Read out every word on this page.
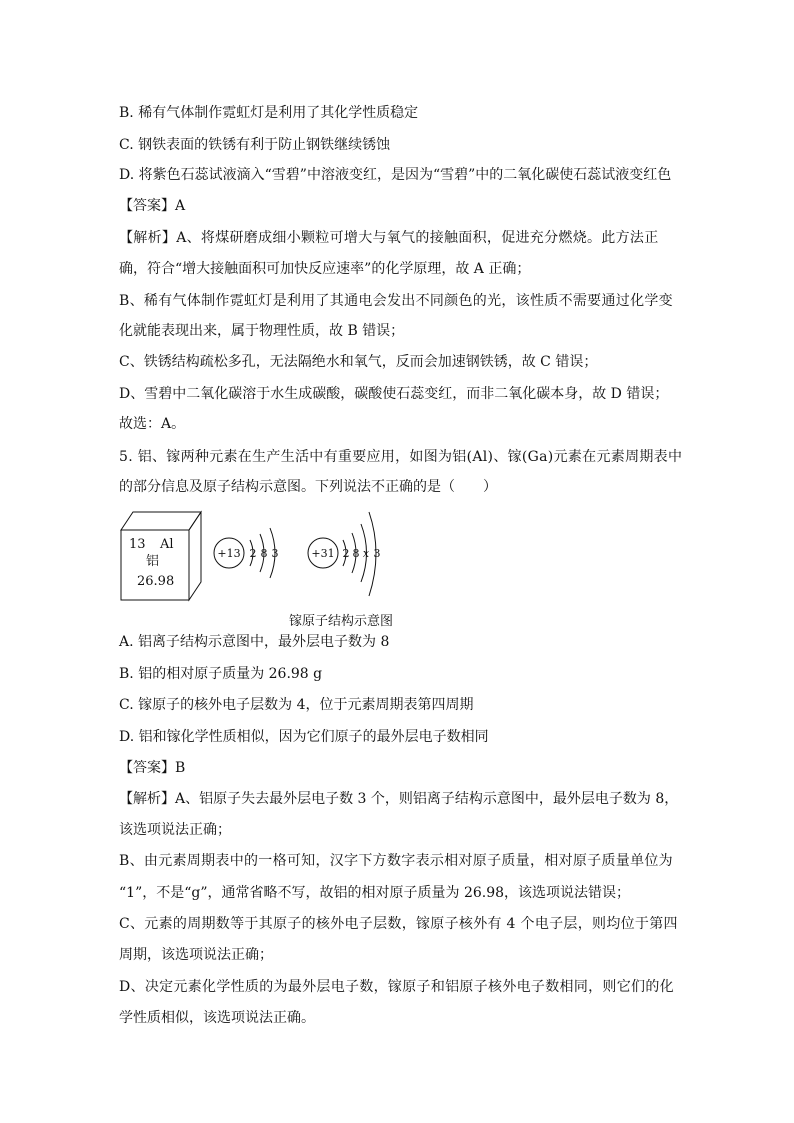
B. 稀有气体制作霓虹灯是利用了其化学性质稳定
C. 钢铁表面的铁锈有利于防止钢铁继续锈蚀
D. 将紫色石蕊试液滴入“雪碧”中溶液变红，是因为“雪碧”中的二氧化碳使石蕊试液变红色
【答案】A
【解析】A、将煤研磨成细小颗粒可增大与氧气的接触面积，促进充分燃烧。此方法正
确，符合“增大接触面积可加快反应速率”的化学原理，故 A 正确；
B、稀有气体制作霓虹灯是利用了其通电会发出不同颜色的光，该性质不需要通过化学变
化就能表现出来，属于物理性质，故 B 错误；
C、铁锈结构疏松多孔，无法隔绝水和氧气，反而会加速钢铁锈，故 C 错误；
D、雪碧中二氧化碳溶于水生成碳酸，碳酸使石蕊变红，而非二氧化碳本身，故 D 错误；
故选：A。
5. 铝、镓两种元素在生产生活中有重要应用，如图为铝(Al)、镓(Ga)元素在元素周期表中
的部分信息及原子结构示意图。下列说法不正确的是（　　）
13 Al
铝
26.98
+13 2 8 3	+31 2 8 x 3
镓原子结构示意图
A. 铝离子结构示意图中，最外层电子数为 8
B. 铝的相对原子质量为 26.98 g
C. 镓原子的核外电子层数为 4，位于元素周期表第四周期
D. 铝和镓化学性质相似，因为它们原子的最外层电子数相同
【答案】B
【解析】A、铝原子失去最外层电子数 3 个，则铝离子结构示意图中，最外层电子数为 8，
该选项说法正确；
B、由元素周期表中的一格可知，汉字下方数字表示相对原子质量，相对原子质量单位为
“1”，不是“g”，通常省略不写，故铝的相对原子质量为 26.98，该选项说法错误；
C、元素的周期数等于其原子的核外电子层数，镓原子核外有 4 个电子层，则均位于第四
周期，该选项说法正确；
D、决定元素化学性质的为最外层电子数，镓原子和铝原子核外电子数相同，则它们的化
学性质相似，该选项说法正确。
